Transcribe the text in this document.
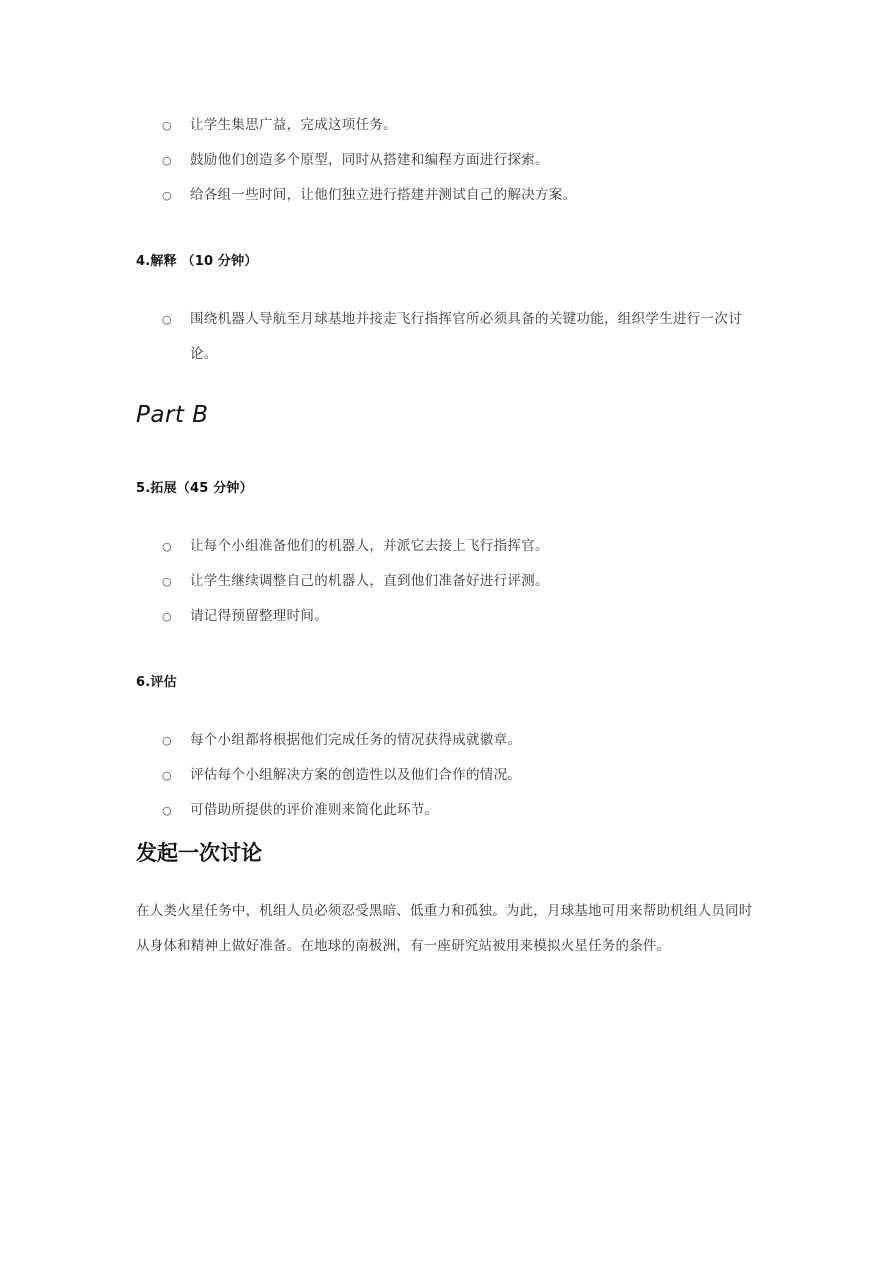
○ 让学生集思广益，完成这项任务。
○ 鼓励他们创造多个原型，同时从搭建和编程方面进行探索。
○ 给各组一些时间，让他们独立进行搭建并测试自己的解决方案。
4.解释 （10 分钟）
○ 围绕机器人导航至月球基地并接走飞行指挥官所必须具备的关键功能，组织学生进行一次讨论。
Part B
5.拓展（45 分钟）
○ 让每个小组准备他们的机器人，并派它去接上飞行指挥官。
○ 让学生继续调整自己的机器人，直到他们准备好进行评测。
○ 请记得预留整理时间。
6.评估
○ 每个小组都将根据他们完成任务的情况获得成就徽章。
○ 评估每个小组解决方案的创造性以及他们合作的情况。
○ 可借助所提供的评价准则来简化此环节。
发起一次讨论
在人类火星任务中，机组人员必须忍受黑暗、低重力和孤独。为此，月球基地可用来帮助机组人员同时从身体和精神上做好准备。在地球的南极洲，有一座研究站被用来模拟火星任务的条件。
